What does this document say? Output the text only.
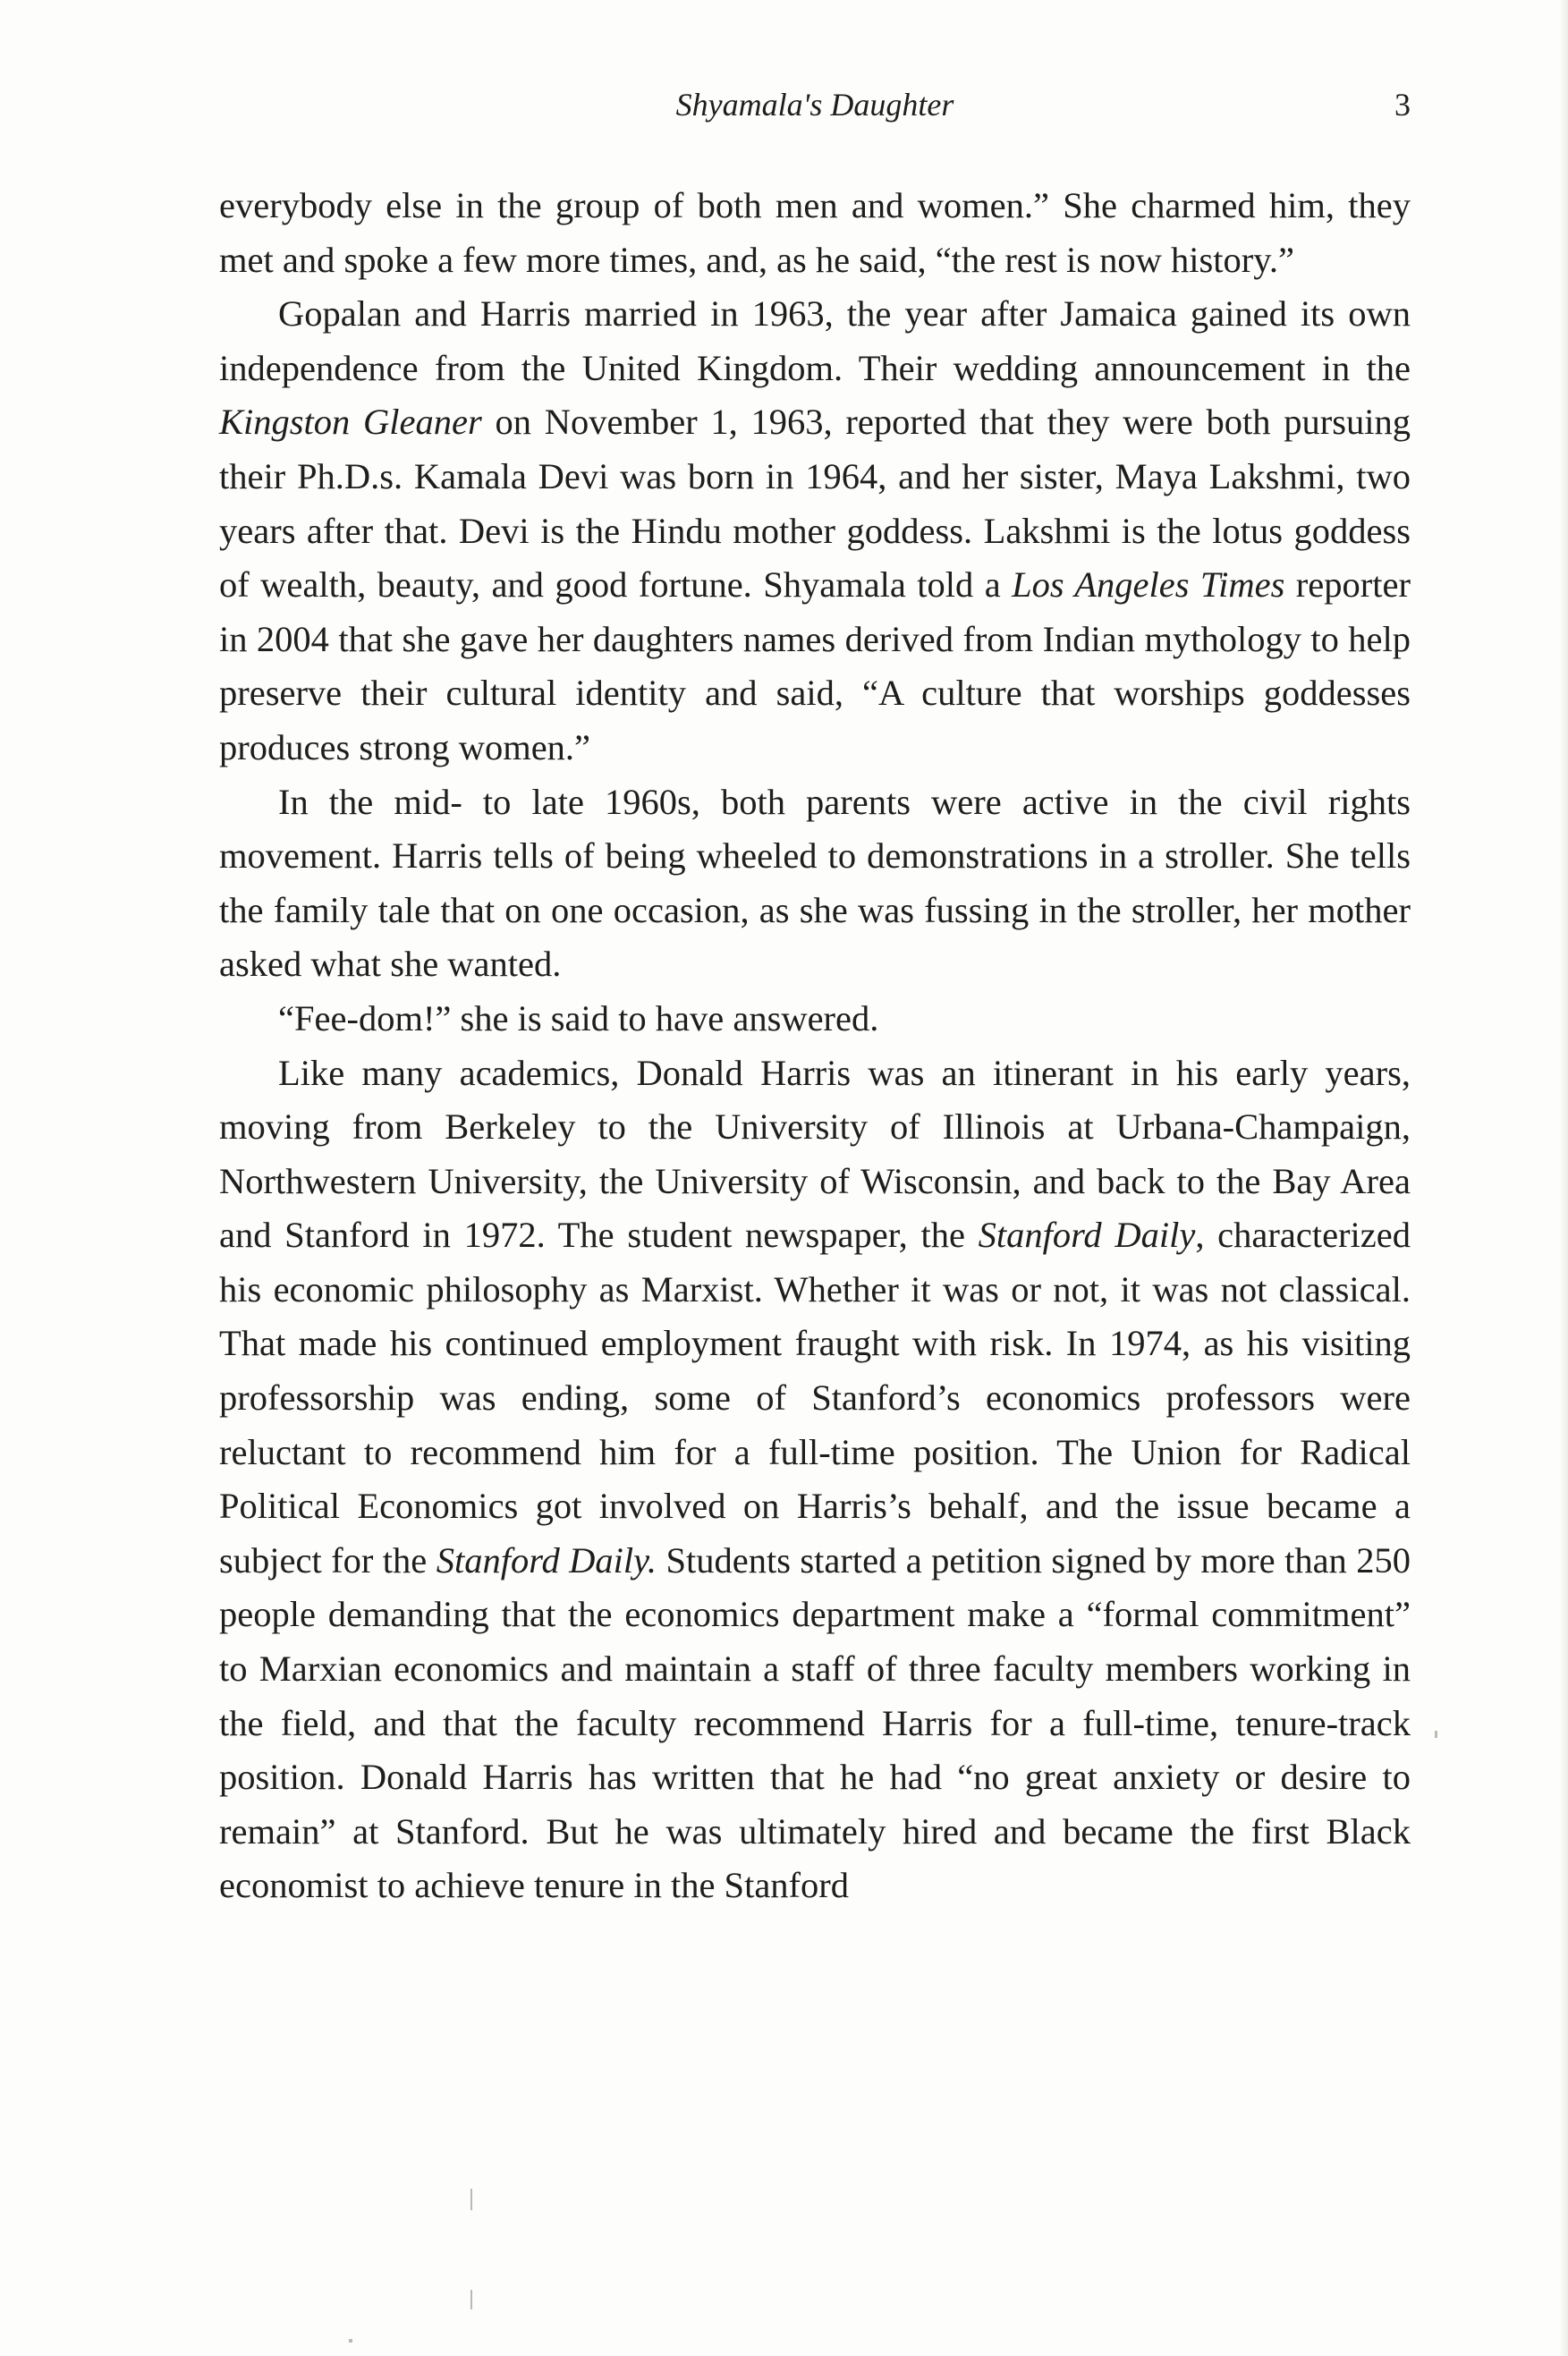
Shyamala's Daughter	3

everybody else in the group of both men and women.” She charmed him, they met and spoke a few more times, and, as he said, “the rest is now history.”

Gopalan and Harris married in 1963, the year after Jamaica gained its own independence from the United Kingdom. Their wedding announcement in the Kingston Gleaner on November 1, 1963, reported that they were both pursuing their Ph.D.s. Kamala Devi was born in 1964, and her sister, Maya Lakshmi, two years after that. Devi is the Hindu mother goddess. Lakshmi is the lotus goddess of wealth, beauty, and good fortune. Shyamala told a Los Angeles Times reporter in 2004 that she gave her daughters names derived from Indian mythology to help preserve their cultural identity and said, “A culture that worships goddesses produces strong women.”

In the mid- to late 1960s, both parents were active in the civil rights movement. Harris tells of being wheeled to demonstrations in a stroller. She tells the family tale that on one occasion, as she was fussing in the stroller, her mother asked what she wanted.

“Fee-dom!” she is said to have answered.

Like many academics, Donald Harris was an itinerant in his early years, moving from Berkeley to the University of Illinois at Urbana-Champaign, Northwestern University, the University of Wisconsin, and back to the Bay Area and Stanford in 1972. The student newspaper, the Stanford Daily, characterized his economic philosophy as Marxist. Whether it was or not, it was not classical. That made his continued employment fraught with risk. In 1974, as his visiting professorship was ending, some of Stanford’s economics professors were reluctant to recommend him for a full-time position. The Union for Radical Political Economics got involved on Harris’s behalf, and the issue became a subject for the Stanford Daily. Students started a petition signed by more than 250 people demanding that the economics department make a “formal commitment” to Marxian economics and maintain a staff of three faculty members working in the field, and that the faculty recommend Harris for a full-time, tenure-track position. Donald Harris has written that he had “no great anxiety or desire to remain” at Stanford. But he was ultimately hired and became the first Black economist to achieve tenure in the Stanford
